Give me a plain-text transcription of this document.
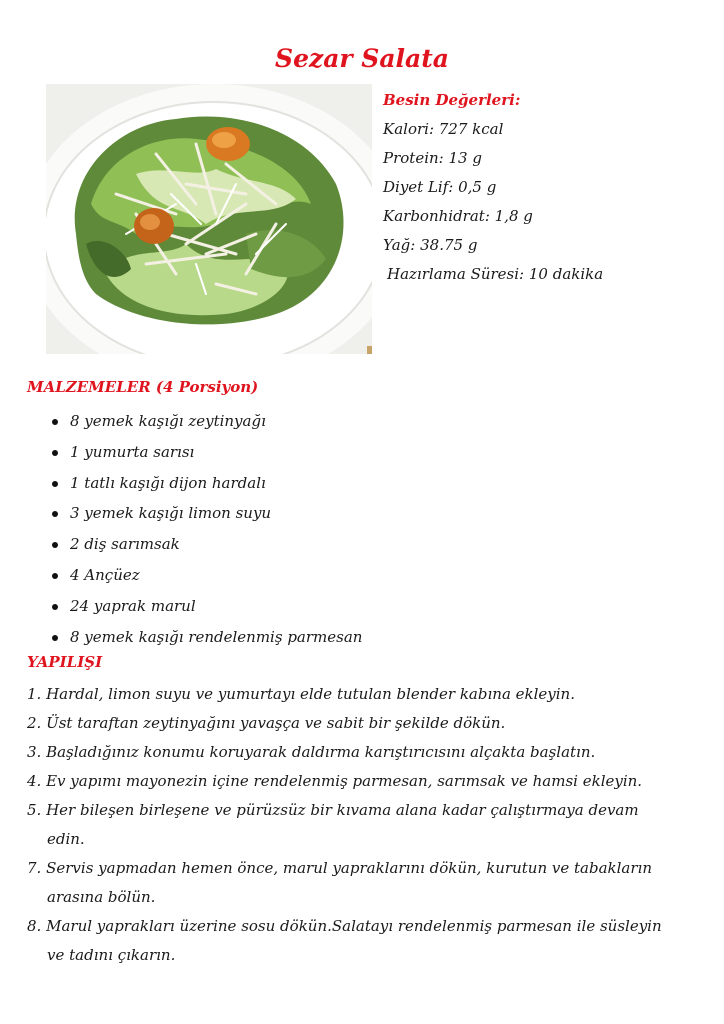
Sezar Salata
Besin Değerleri:
Kalori: 727 kcal
Protein: 13 g
Diyet Lif: 0,5 g
Karbonhidrat: 1,8 g
Yağ: 38.75 g
Hazırlama Süresi: 10 dakika
MALZEMELER (4 Porsiyon)
8 yemek kaşığı zeytinyağı
1 yumurta sarısı
1 tatlı kaşığı dijon hardalı
3 yemek kaşığı limon suyu
2 diş sarımsak
4 Ançüez
24 yaprak marul
8 yemek kaşığı rendelenmiş parmesan
YAPILIŞI
1. Hardal, limon suyu ve yumurtayı elde tutulan blender kabına ekleyin.
2. Üst taraftan zeytinyağını yavaşça ve sabit bir şekilde dökün.
3. Başladığınız konumu koruyarak daldırma karıştırıcısını alçakta başlatın.
4. Ev yapımı mayonezin içine rendelenmiş parmesan, sarımsak ve hamsi ekleyin.
5. Her bileşen birleşene ve pürüzsüz bir kıvama alana kadar çalıştırmaya devam
edin.
7. Servis yapmadan hemen önce, marul yapraklarını dökün, kurutun ve tabakların
arasına bölün.
8. Marul yaprakları üzerine sosu dökün.Salatayı rendelenmiş parmesan ile süsleyin
ve tadını çıkarın.
